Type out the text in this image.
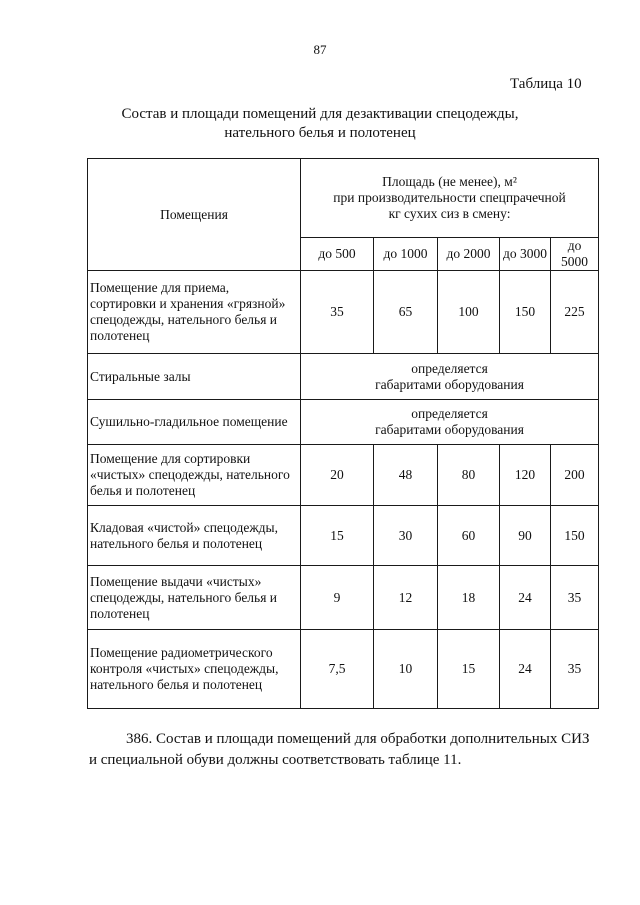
87
Таблица 10
Состав и площади помещений для дезактивации спецодежды,
нательного белья и полотенец
Помещения	Площадь (не менее), м²
при производительности спецпрачечной
кг сухих сиз в смену:				

	до 500	до 1000	до 2000	до 3000	до 5000
Помещение для приема, сортировки и хранения «грязной» спецодежды, нательного белья и полотенец	35	65	100	150	225
Стиральные залы	определяется
габаритами оборудования				

Сушильно-гладильное помещение	определяется
габаритами оборудования				

Помещение для сортировки «чистых» спецодежды, нательного белья и полотенец	20	48	80	120	200
Кладовая «чистой» спецодежды, нательного белья и полотенец	15	30	60	90	150
Помещение выдачи «чистых» спецодежды, нательного белья и полотенец	9	12	18	24	35
Помещение радиометрического контроля «чистых» спецодежды, нательного белья и полотенец	7,5	10	15	24	35
386. Состав и площади помещений для обработки дополнительных СИЗ
и специальной обуви должны соответствовать таблице 11.
